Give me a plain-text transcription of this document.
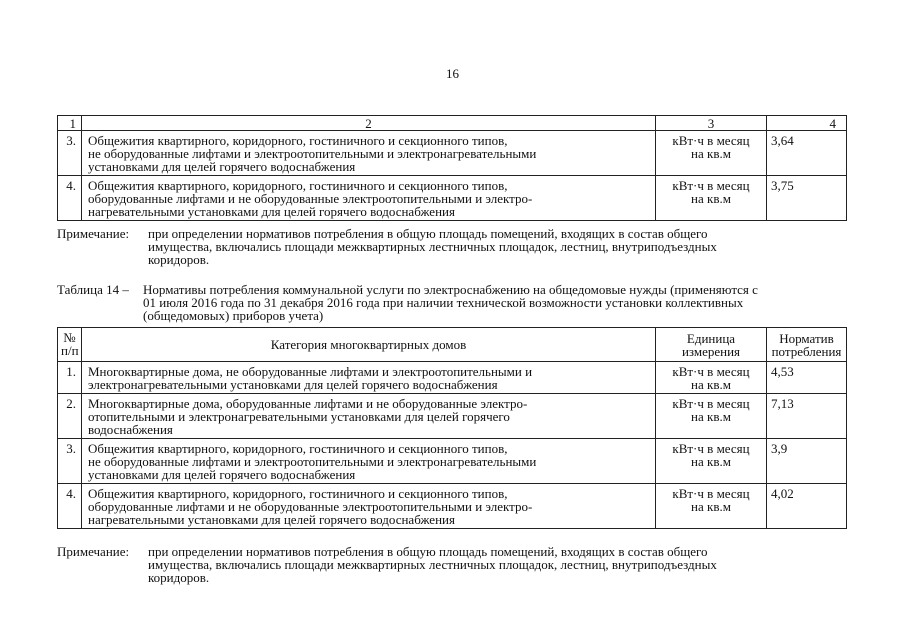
16
1	2	3	4
3.	Общежития квартирного, коридорного, гостиничного и секционного типов,
не оборудованные лифтами и электроотопительными и электронагревательными
установками для целей горячего водоснабжения	кВт·ч в месяц
на кв.м	3,64
4.	Общежития квартирного, коридорного, гостиничного и секционного типов,
оборудованные лифтами и не оборудованные электроотопительными и электро-
нагревательными установками для целей горячего водоснабжения	кВт·ч в месяц
на кв.м	3,75
Примечание: при определении нормативов потребления в общую площадь помещений, входящих в состав общего
имущества, включались площади межквартирных лестничных площадок, лестниц, внутриподъездных
коридоров.
Таблица 14 – Нормативы потребления коммунальной услуги по электроснабжению на общедомовые нужды (применяются с
01 июля 2016 года по 31 декабря 2016 года при наличии технической возможности установки коллективных
(общедомовых) приборов учета)
№
п/п	Категория многоквартирных домов	Единица
измерения	Норматив
потребления

1.	Многоквартирные дома, не оборудованные лифтами и электроотопительными и
электронагревательными установками для целей горячего водоснабжения	кВт·ч в месяц
на кв.м	4,53
2.	Многоквартирные дома, оборудованные лифтами и не оборудованные электро-
отопительными и электронагревательными установками для целей горячего
водоснабжения	кВт·ч в месяц
на кв.м	7,13
3.	Общежития квартирного, коридорного, гостиничного и секционного типов,
не оборудованные лифтами и электроотопительными и электронагревательными
установками для целей горячего водоснабжения	кВт·ч в месяц
на кв.м	3,9
4.	Общежития квартирного, коридорного, гостиничного и секционного типов,
оборудованные лифтами и не оборудованные электроотопительными и электро-
нагревательными установками для целей горячего водоснабжения	кВт·ч в месяц
на кв.м	4,02
Примечание: при определении нормативов потребления в общую площадь помещений, входящих в состав общего
имущества, включались площади межквартирных лестничных площадок, лестниц, внутриподъездных
коридоров.
